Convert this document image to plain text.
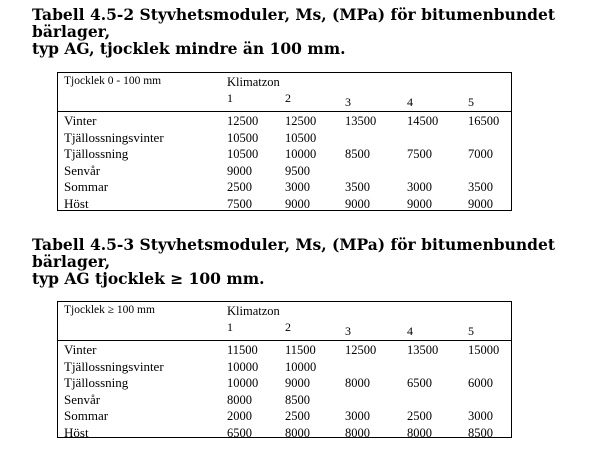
Tabell 4.5-2 Styvhetsmoduler, Ms, (MPa) för bitumenbundet
bärlager,
typ AG, tjocklek mindre än 100 mm.
Tjocklek 0 - 100 mm	Klimatzon
1	2	3	4	5
Vinter	12500 12500 13500 14500 16500
Tjällossningsvinter	10500 10500
Tjällossning	10500 10000 8500	7500	7000
Senvår	9000	9500
Sommar	2500	3000	3500	3000	3500
Höst	7500	9000	9000	9000	9000
Tabell 4.5-3 Styvhetsmoduler, Ms, (MPa) för bitumenbundet
bärlager,
typ AG tjocklek ≥ 100 mm.
Tjocklek ≥ 100 mm	Klimatzon
1	2	3	4	5
Vinter	11500 11500 12500 13500 15000
Tjällossningsvinter	10000 10000
Tjällossning	10000 9000	8000	6500	6000
Senvår	8000	8500
Sommar	2000	2500	3000	2500	3000
Höst	6500	8000	8000	8000	8500
